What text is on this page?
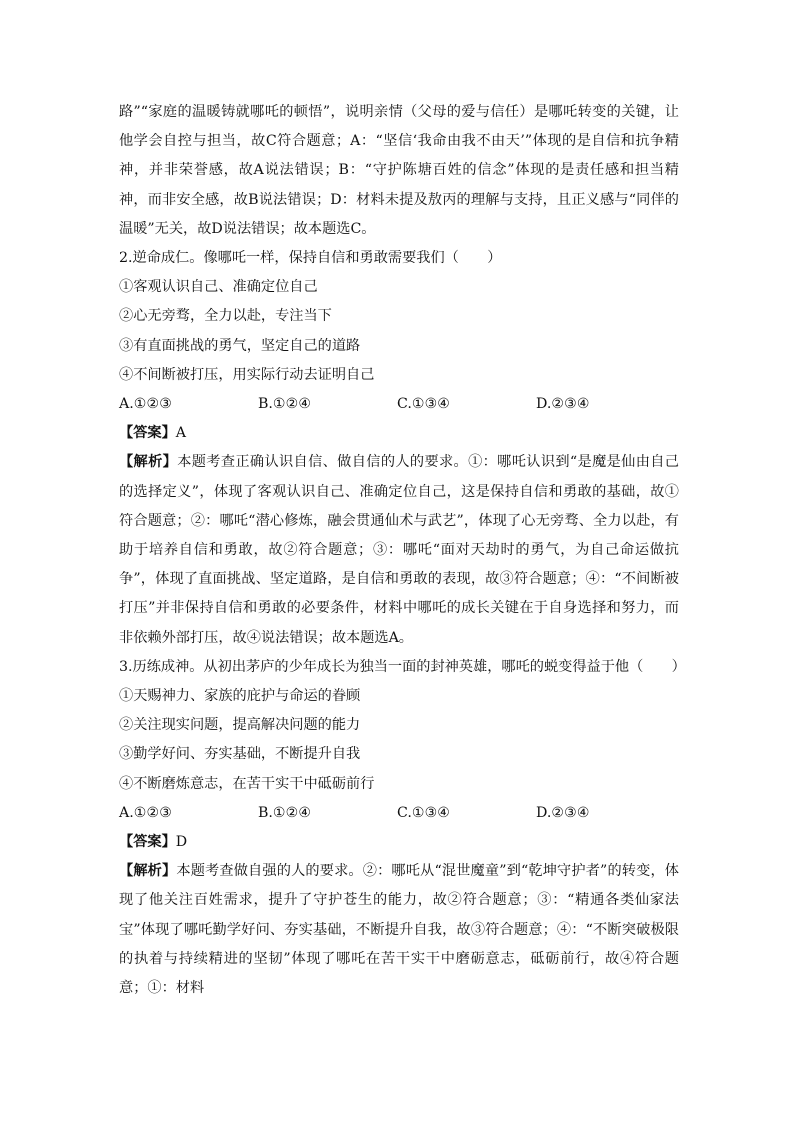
路”“家庭的温暖铸就哪吒的顿悟”，说明亲情（父母的爱与信任）是哪吒转变的关键，让他学会自控与担当，故C符合题意；A：“坚信‘我命由我不由天’”体现的是自信和抗争精神，并非荣誉感，故A说法错误；B：“守护陈塘百姓的信念”体现的是责任感和担当精神，而非安全感，故B说法错误；D：材料未提及敖丙的理解与支持，且正义感与“同伴的温暖”无关，故D说法错误；故本题选C。

2.逆命成仁。像哪吒一样，保持自信和勇敢需要我们（　　）

①客观认识自己、准确定位自己

②心无旁骛，全力以赴，专注当下

③有直面挑战的勇气，坚定自己的道路

④不间断被打压，用实际行动去证明自己

A.①②③	B.①②④	C.①③④	D.②③④

【答案】A

【解析】本题考查正确认识自信、做自信的人的要求。①：哪吒认识到“是魔是仙由自己的选择定义”，体现了客观认识自己、准确定位自己，这是保持自信和勇敢的基础，故①符合题意；②：哪吒“潜心修炼，融会贯通仙术与武艺”，体现了心无旁骛、全力以赴，有助于培养自信和勇敢，故②符合题意；③：哪吒“面对天劫时的勇气，为自己命运做抗争”，体现了直面挑战、坚定道路，是自信和勇敢的表现，故③符合题意；④：“不间断被打压”并非保持自信和勇敢的必要条件，材料中哪吒的成长关键在于自身选择和努力，而非依赖外部打压，故④说法错误；故本题选A。

3.历练成神。从初出茅庐的少年成长为独当一面的封神英雄，哪吒的蜕变得益于他（　　）

①天赐神力、家族的庇护与命运的眷顾

②关注现实问题，提高解决问题的能力

③勤学好问、夯实基础，不断提升自我

④不断磨炼意志，在苦干实干中砥砺前行

A.①②③	B.①②④	C.①③④	D.②③④

【答案】D

【解析】本题考查做自强的人的要求。②：哪吒从“混世魔童”到“乾坤守护者”的转变，体现了他关注百姓需求，提升了守护苍生的能力，故②符合题意；③：“精通各类仙家法宝”体现了哪吒勤学好问、夯实基础，不断提升自我，故③符合题意；④：“不断突破极限的执着与持续精进的坚韧”体现了哪吒在苦干实干中磨砺意志，砥砺前行，故④符合题意；①：材料
